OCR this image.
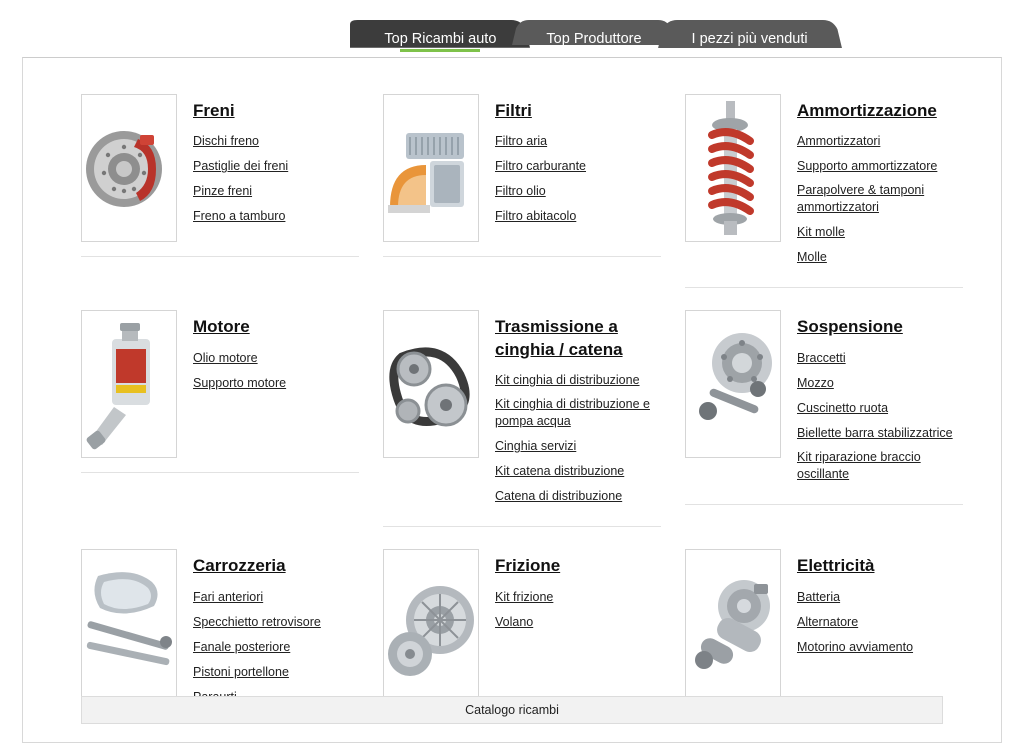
Top Ricambi auto	Top Produttore	I pezzi più venduti
Freni
Dischi freno
Pastiglie dei freni
Pinze freni
Freno a tamburo
Filtri
Filtro aria
Filtro carburante
Filtro olio
Filtro abitacolo
Ammortizzazione
Ammortizzatori
Supporto ammortizzatore
Parapolvere & tamponi ammortizzatori
Kit molle
Molle
Motore
Olio motore
Supporto motore
Trasmissione a cinghia / catena
Kit cinghia di distribuzione
Kit cinghia di distribuzione e pompa acqua
Cinghia servizi
Kit catena distribuzione
Catena di distribuzione
Sospensione
Braccetti
Mozzo
Cuscinetto ruota
Biellette barra stabilizzatrice
Kit riparazione braccio oscillante
Carrozzeria
Fari anteriori
Specchietto retrovisore
Fanale posteriore
Pistoni portellone
Frizione
Kit frizione
Volano
Elettricità
Batteria
Alternatore
Motorino avviamento
Catalogo ricambi
